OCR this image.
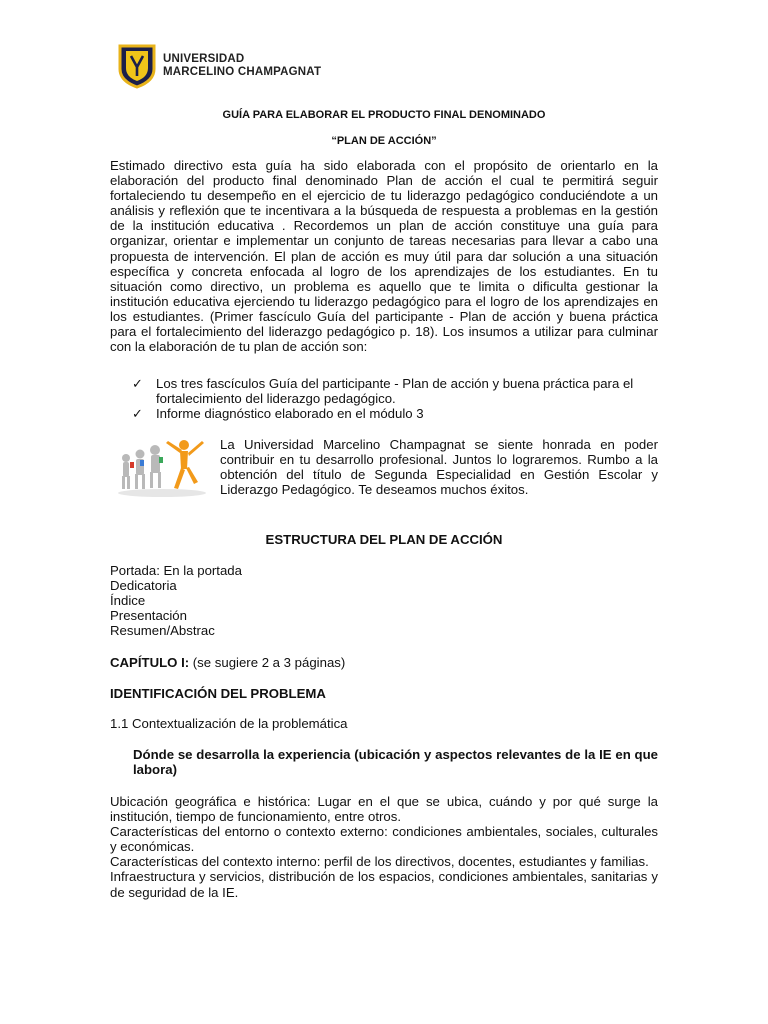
UNIVERSIDAD
MARCELINO CHAMPAGNAT
GUÍA PARA ELABORAR EL PRODUCTO FINAL DENOMINADO
“PLAN DE ACCIÓN”
Estimado directivo esta guía ha sido elaborada con el propósito de orientarlo en la elaboración del producto final denominado Plan de acción el cual te permitirá seguir fortaleciendo tu desempeño en el ejercicio de tu liderazgo pedagógico conduciéndote a un análisis y reflexión que te incentivara a la búsqueda de respuesta a problemas en la gestión de la institución educativa . Recordemos un plan de acción constituye una guía para organizar, orientar e implementar un conjunto de tareas necesarias para llevar a cabo una propuesta de intervención. El plan de acción es muy útil para dar solución a una situación específica y concreta enfocada al logro de los aprendizajes de los estudiantes. En tu situación como directivo, un problema es aquello que te limita o dificulta gestionar la institución educativa ejerciendo tu liderazgo pedagógico para el logro de los aprendizajes en los estudiantes. (Primer fascículo Guía del participante - Plan de acción y buena práctica para el fortalecimiento del liderazgo pedagógico p. 18). Los insumos a utilizar para culminar con la elaboración de tu plan de acción son:
✓ Los tres fascículos Guía del participante - Plan de acción y buena práctica para el fortalecimiento del liderazgo pedagógico.
✓ Informe diagnóstico elaborado en el módulo 3
La Universidad Marcelino Champagnat se siente honrada en poder contribuir en tu desarrollo profesional. Juntos lo lograremos. Rumbo a la obtención del título de Segunda Especialidad en Gestión Escolar y Liderazgo Pedagógico. Te deseamos muchos éxitos.
ESTRUCTURA DEL PLAN DE ACCIÓN
Portada: En la portada
Dedicatoria
Índice
Presentación
Resumen/Abstrac
CAPÍTULO I: (se sugiere 2 a 3 páginas)
IDENTIFICACIÓN DEL PROBLEMA
1.1 Contextualización de la problemática
Dónde se desarrolla la experiencia (ubicación y aspectos relevantes de la IE en que labora)
Ubicación geográfica e histórica: Lugar en el que se ubica, cuándo y por qué surge la institución, tiempo de funcionamiento, entre otros.
Características del entorno o contexto externo: condiciones ambientales, sociales, culturales y económicas.
Características del contexto interno: perfil de los directivos, docentes, estudiantes y familias.
Infraestructura y servicios, distribución de los espacios, condiciones ambientales, sanitarias y de seguridad de la IE.
